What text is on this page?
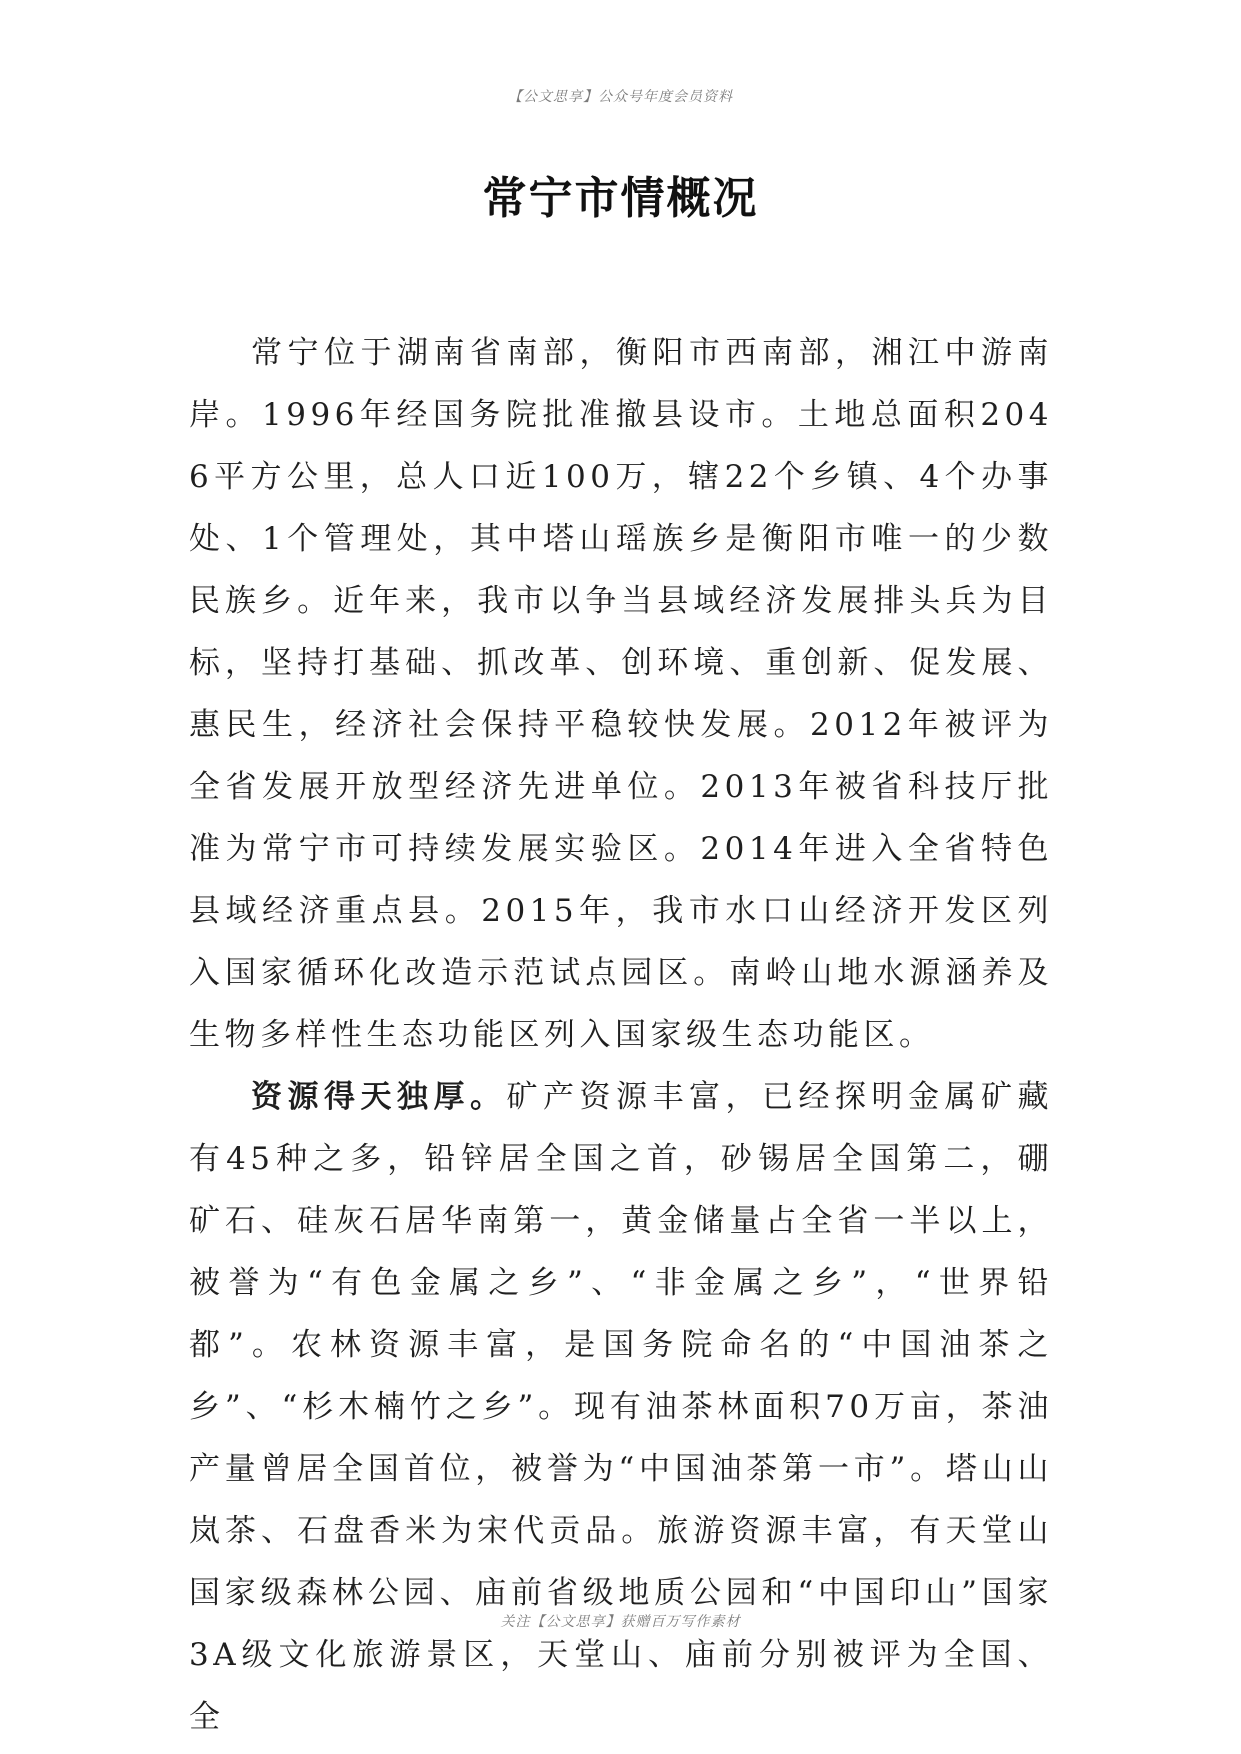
【公文思享】公众号年度会员资料
常宁市情概况

常宁位于湖南省南部，衡阳市西南部，湘江中游南岸。1996年经国务院批准撤县设市。土地总面积2046平方公里，总人口近100万，辖22个乡镇、4个办事处、1个管理处，其中塔山瑶族乡是衡阳市唯一的少数民族乡。近年来，我市以争当县域经济发展排头兵为目标，坚持打基础、抓改革、创环境、重创新、促发展、惠民生，经济社会保持平稳较快发展。2012年被评为全省发展开放型经济先进单位。2013年被省科技厅批准为常宁市可持续发展实验区。2014年进入全省特色县域经济重点县。2015年，我市水口山经济开发区列入国家循环化改造示范试点园区。南岭山地水源涵养及生物多样性生态功能区列入国家级生态功能区。

资源得天独厚。矿产资源丰富，已经探明金属矿藏有45种之多，铅锌居全国之首，砂锡居全国第二，硼矿石、硅灰石居华南第一，黄金储量占全省一半以上，被誉为“有色金属之乡”、“非金属之乡”，“世界铅都”。农林资源丰富，是国务院命名的“中国油茶之乡”、“杉木楠竹之乡”。现有油茶林面积70万亩，茶油产量曾居全国首位，被誉为“中国油茶第一市”。塔山山岚茶、石盘香米为宋代贡品。旅游资源丰富，有天堂山国家级森林公园、庙前省级地质公园和“中国印山”国家3A级文化旅游景区，天堂山、庙前分别被评为全国、全

关注【公文思享】获赠百万写作素材
